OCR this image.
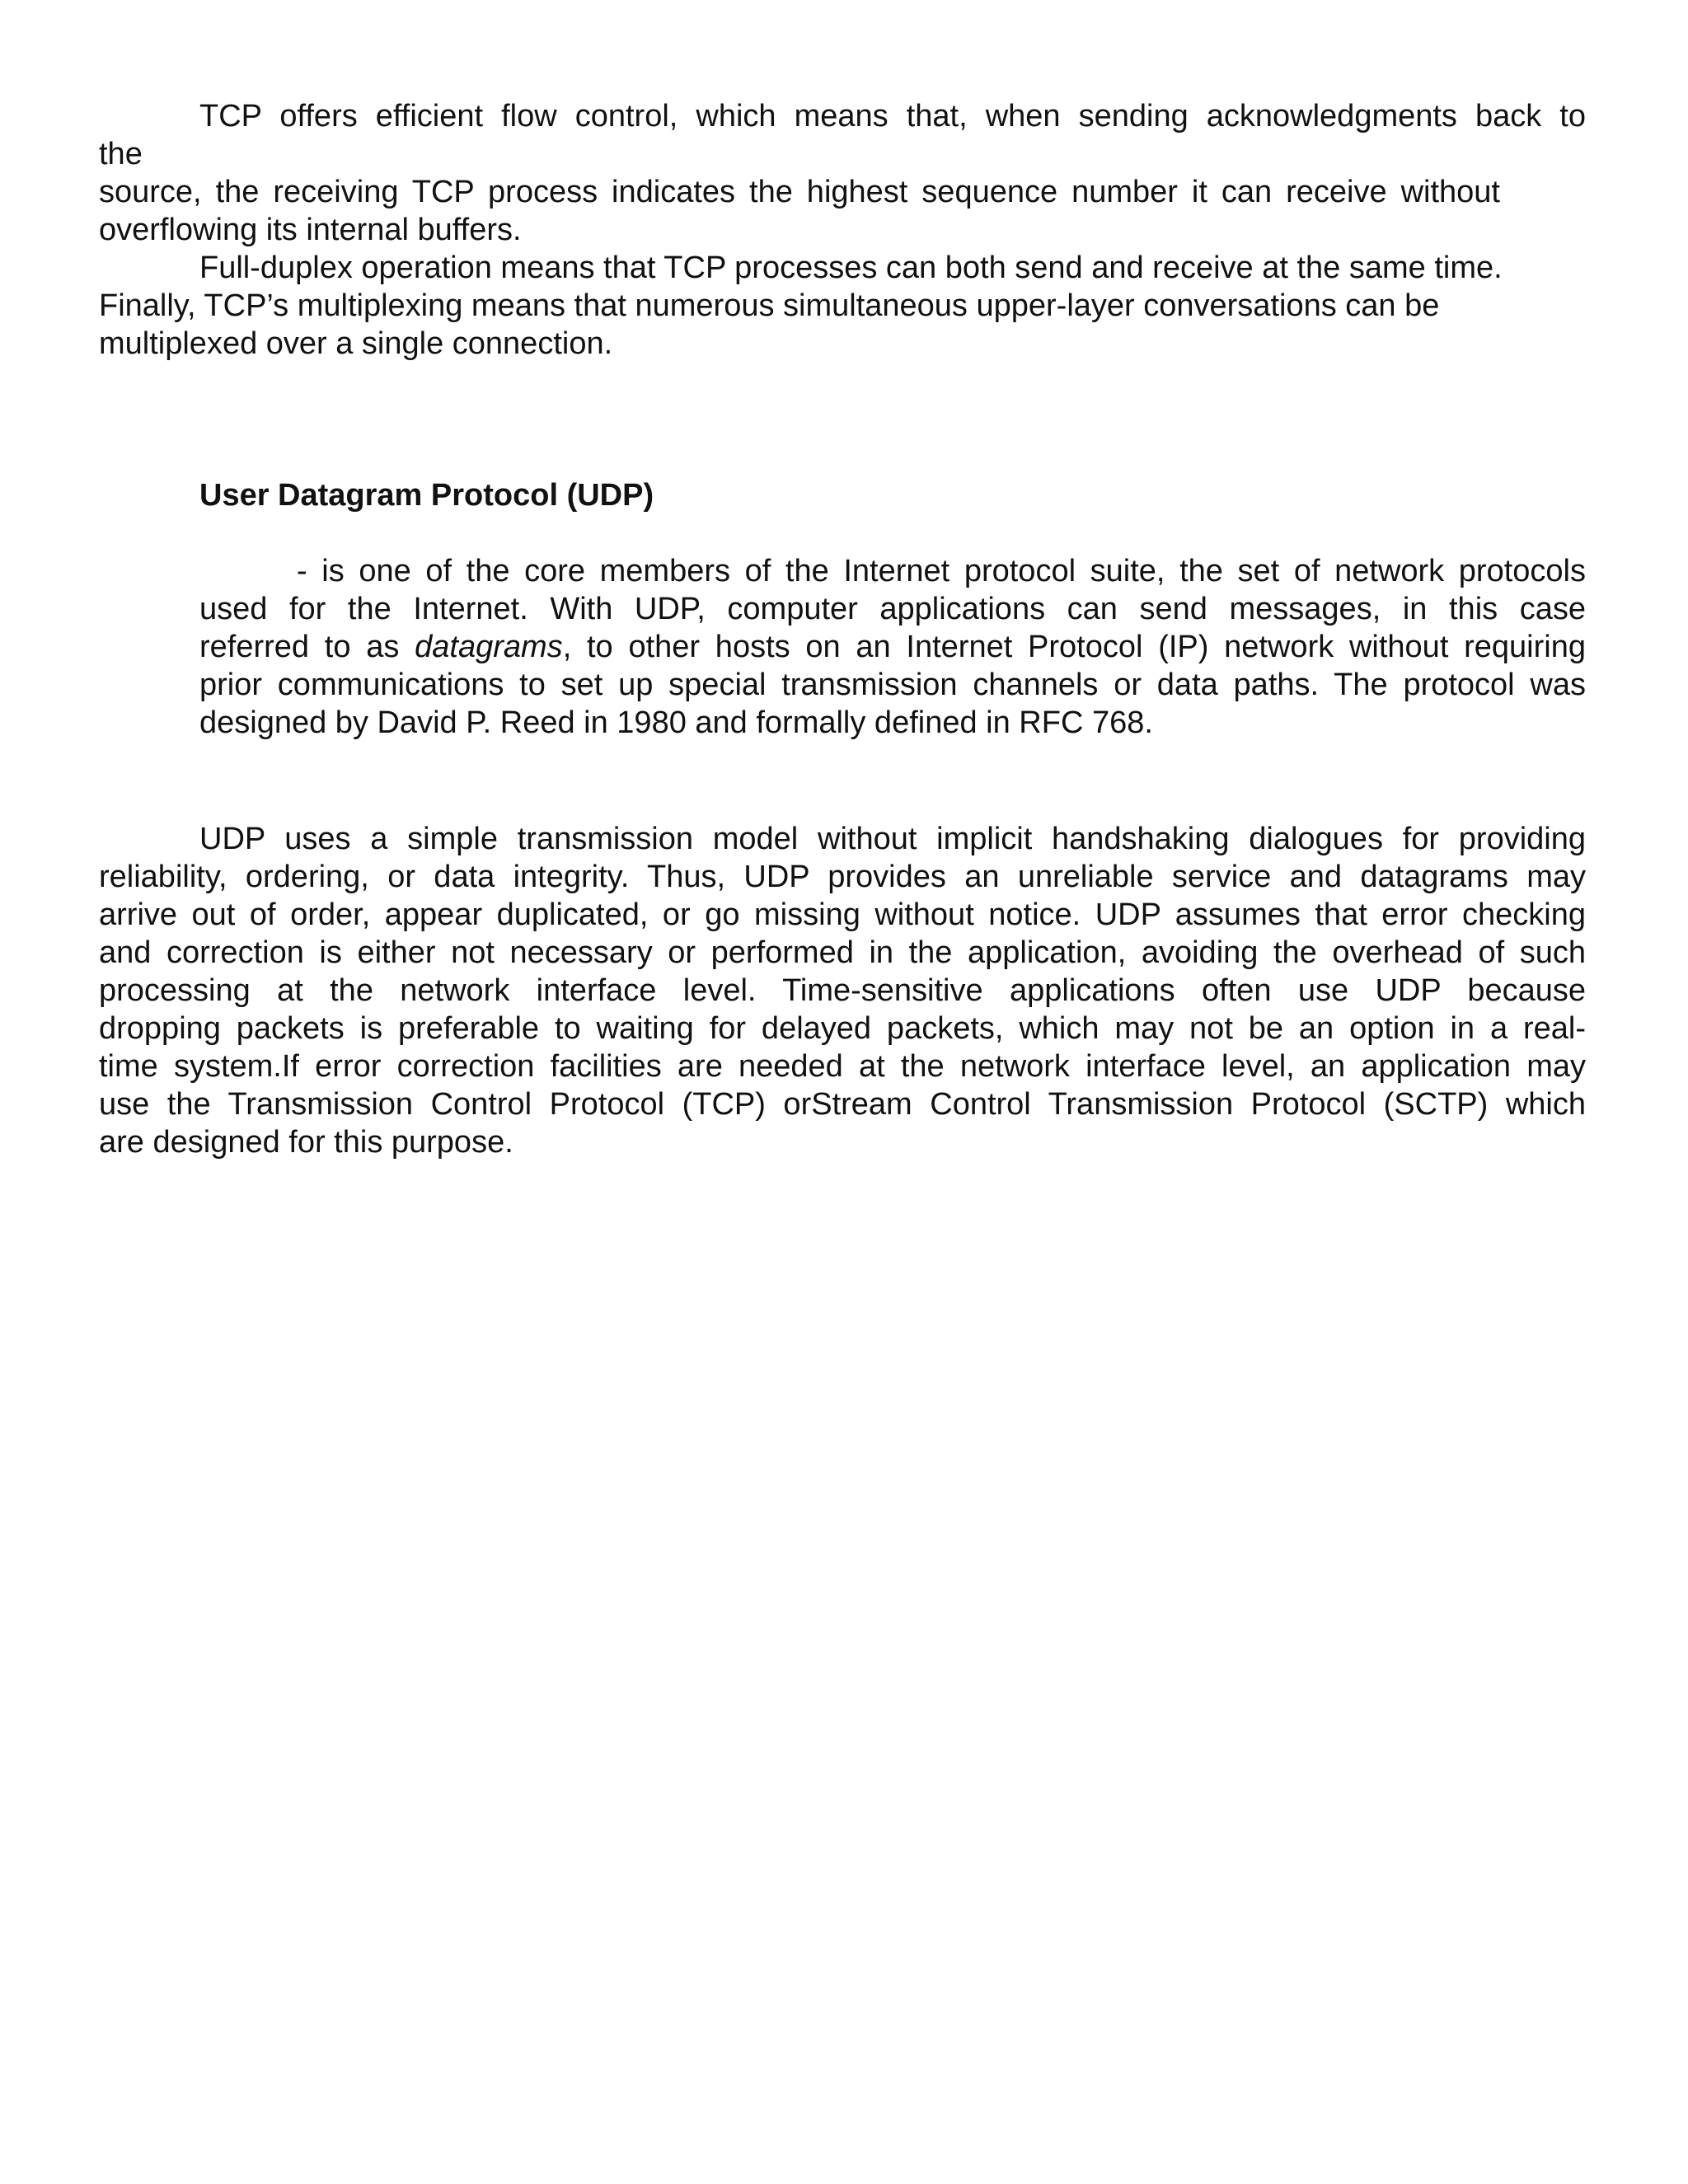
TCP offers efficient flow control, which means that, when sending acknowledgments back to
the
source, the receiving TCP process indicates the highest sequence number it can receive without
overflowing its internal buffers.
Full-duplex operation means that TCP processes can both send and receive at the same time.
Finally, TCP’s multiplexing means that numerous simultaneous upper-layer conversations can be
multiplexed over a single connection.
User Datagram Protocol (UDP)
- is one of the core members of the Internet protocol suite, the set of network protocols
used for the Internet. With UDP, computer applications can send messages, in this case
referred to as datagrams, to other hosts on an Internet Protocol (IP) network without requiring
prior communications to set up special transmission channels or data paths. The protocol was
designed by David P. Reed in 1980 and formally defined in RFC 768.
UDP uses a simple transmission model without implicit handshaking dialogues for providing
reliability, ordering, or data integrity. Thus, UDP provides an unreliable service and datagrams may
arrive out of order, appear duplicated, or go missing without notice. UDP assumes that error checking
and correction is either not necessary or performed in the application, avoiding the overhead of such
processing at the network interface level. Time-sensitive applications often use UDP because
dropping packets is preferable to waiting for delayed packets, which may not be an option in a real-
time system.If error correction facilities are needed at the network interface level, an application may
use the Transmission Control Protocol (TCP) orStream Control Transmission Protocol (SCTP) which
are designed for this purpose.
